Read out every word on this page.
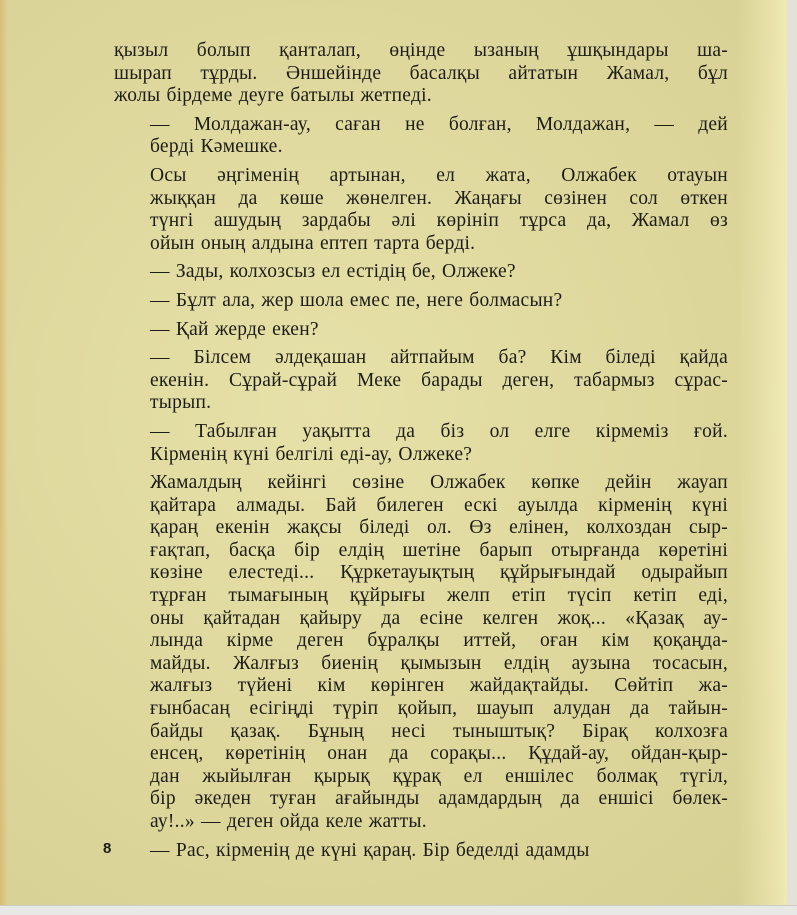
қызыл болып қанталап, өңінде ызаның ұшқындары ша-
шырап тұрды. Әншейінде басалқы айтатын Жамал, бұл
жолы бірдеме деуге батылы жетпеді.
— Молдажан-ау, саған не болған, Молдажан, — дей
берді Кәмешке.
Осы әңгіменің артынан, ел жата, Олжабек отауын
жыққан да көше жөнелген. Жаңағы сөзінен сол өткен
түнгі ашудың зардабы әлі көрініп тұрса да, Жамал өз
ойын оның алдына ептеп тарта берді.
— Зады, колхозсыз ел естідің бе, Олжеке?
— Бұлт ала, жер шола емес пе, неге болмасын?
— Қай жерде екен?
— Білсем әлдеқашан айтпайым ба? Кім біледі қайда
екенін. Сұрай-сұрай Меке барады деген, табармыз сұрас-
тырып.
— Табылған уақытта да біз ол елге кірмеміз ғой.
Кірменің күні белгілі еді-ау, Олжеке?
Жамалдың кейінгі сөзіне Олжабек көпке дейін жауап
қайтара алмады. Бай билеген ескі ауылда кірменің күні
қараң екенін жақсы біледі ол. Өз елінен, колхоздан сыр-
ғақтап, басқа бір елдің шетіне барып отырғанда көретіні
көзіне елестеді... Құркетауықтың құйрығындай одырайып
тұрған тымағының құйрығы желп етіп түсіп кетіп еді,
оны қайтадан қайыру да есіне келген жоқ... «Қазақ ау-
лында кірме деген бұралқы иттей, оған кім қоқаңда-
майды. Жалғыз биенің қымызын елдің аузына тосасын,
жалғыз түйені кім көрінген жайдақтайды. Сөйтіп жа-
ғынбасаң есігіңді түріп қойып, шауып алудан да тайын-
байды қазақ. Бұның несі тыныштық? Бірақ колхозға
енсең, көретінің онан да сорақы... Құдай-ау, ойдан-қыр-
дан жыйылған қырық құрақ ел еншілес болмақ түгіл,
бір әкеден туған ағайынды адамдардың да еншісі бөлек-
ау!..» — деген ойда келе жатты.
— Рас, кірменің де күні қараң. Бір беделді адамды
8
